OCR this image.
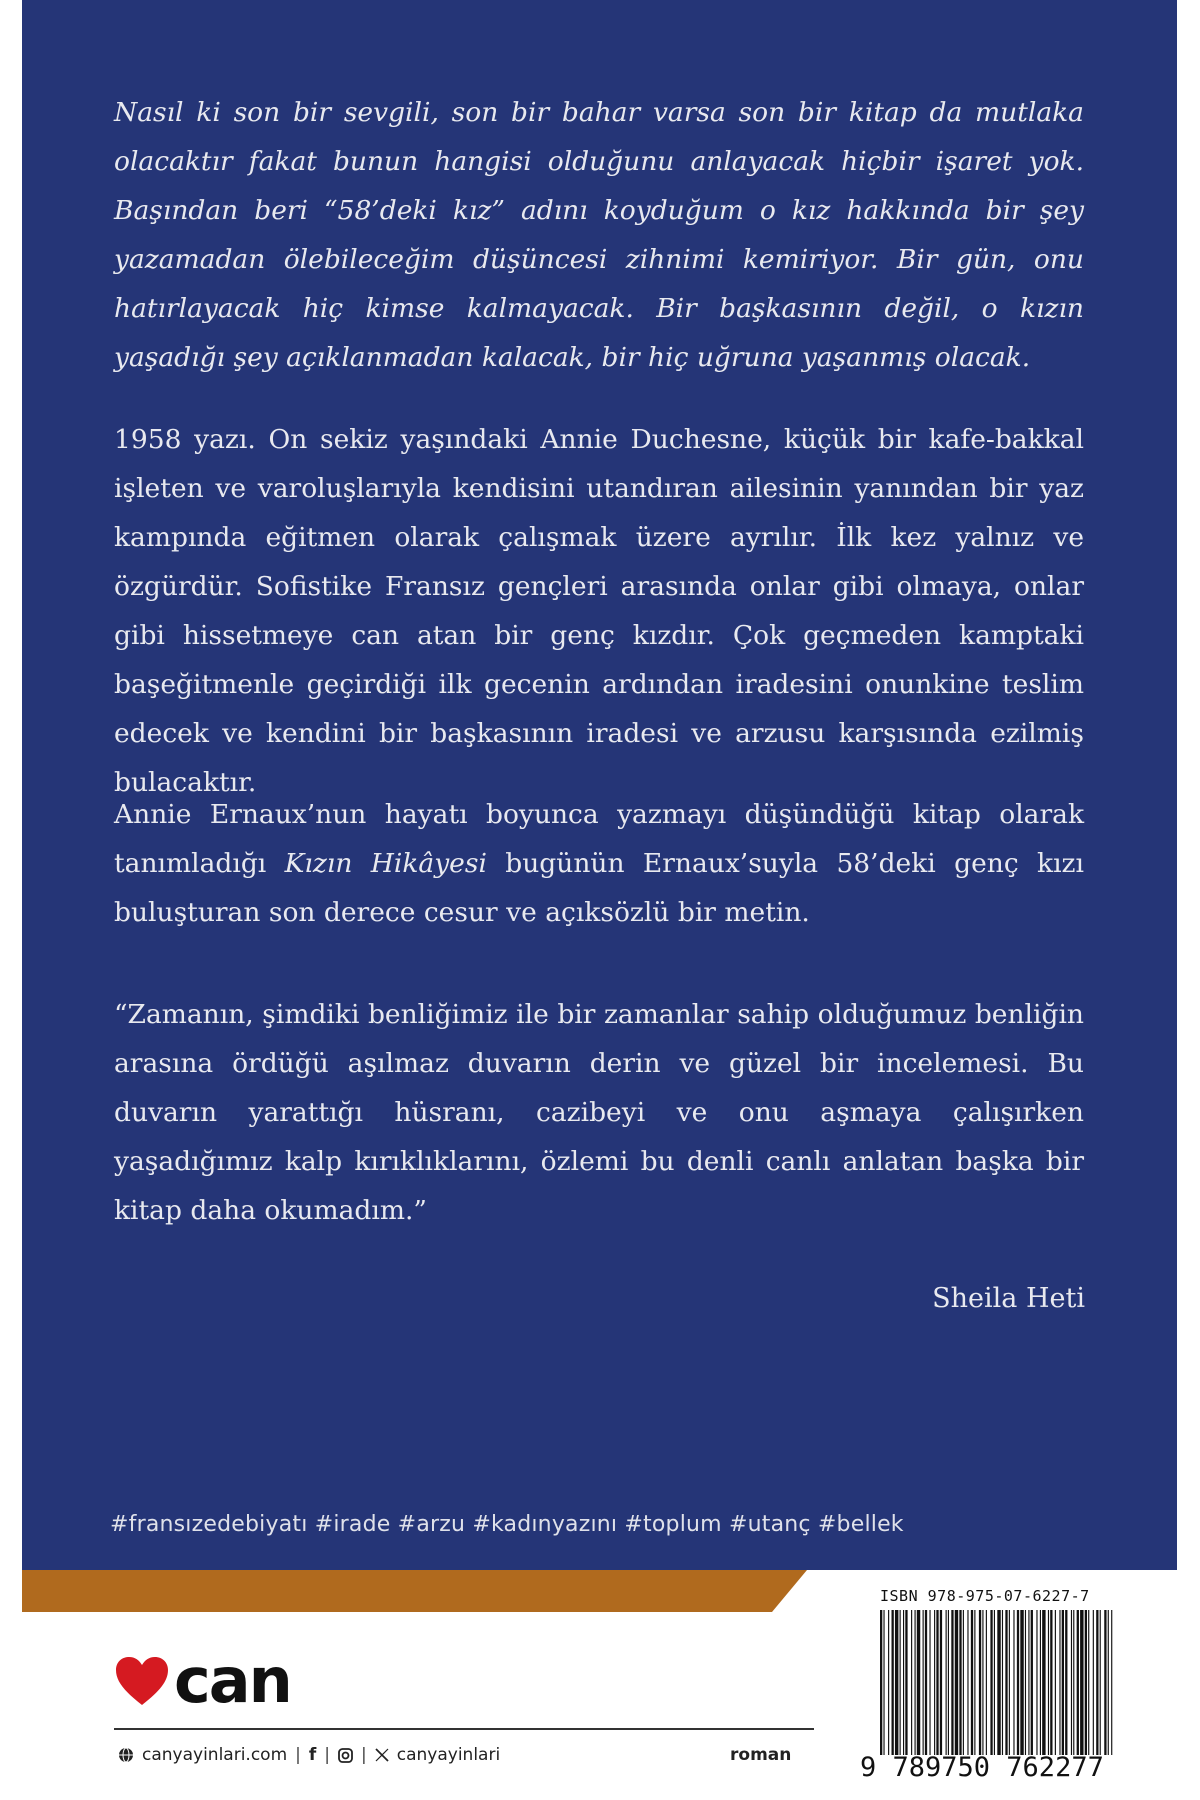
Nasıl ki son bir sevgili, son bir bahar varsa son bir kitap da mutlaka olacaktır fakat bunun hangisi olduğunu anlayacak hiçbir işaret yok. Başından beri “58’deki kız” adını koyduğum o kız hakkında bir şey yazamadan ölebileceğim düşüncesi zihnimi kemiriyor. Bir gün, onu hatırlayacak hiç kimse kalmayacak. Bir başkasının değil, o kızın yaşadığı şey açıklanmadan kalacak, bir hiç uğruna yaşanmış olacak.
1958 yazı. On sekiz yaşındaki Annie Duchesne, küçük bir kafe-bakkal işleten ve varoluşlarıyla kendisini utandıran ailesinin yanından bir yaz kampında eğitmen olarak çalışmak üzere ayrılır. İlk kez yalnız ve özgürdür. Sofistike Fransız gençleri arasında onlar gibi olmaya, onlar gibi hissetmeye can atan bir genç kızdır. Çok geçmeden kamptaki başeğitmenle geçirdiği ilk gecenin ardından iradesini onunkine teslim edecek ve kendini bir başkasının iradesi ve arzusu karşısında ezilmiş bulacaktır.
Annie Ernaux’nun hayatı boyunca yazmayı düşündüğü kitap olarak tanımladığı Kızın Hikâyesi bugünün Ernaux’suyla 58’deki genç kızı buluşturan son derece cesur ve açıksözlü bir metin.
“Zamanın, şimdiki benliğimiz ile bir zamanlar sahip olduğumuz benliğin arasına ördüğü aşılmaz duvarın derin ve güzel bir incelemesi. Bu duvarın yarattığı hüsranı, cazibeyi ve onu aşmaya çalışırken yaşadığımız kalp kırıklıklarını, özlemi bu denli canlı anlatan başka bir kitap daha okumadım.”
Sheila Heti
#fransızedebiyatı #irade #arzu #kadınyazını #toplum #utanç #bellek
can
canyayinlari.com | f | | canyayinlari	roman
ISBN 978-975-07-6227-7
9 789750 762277
